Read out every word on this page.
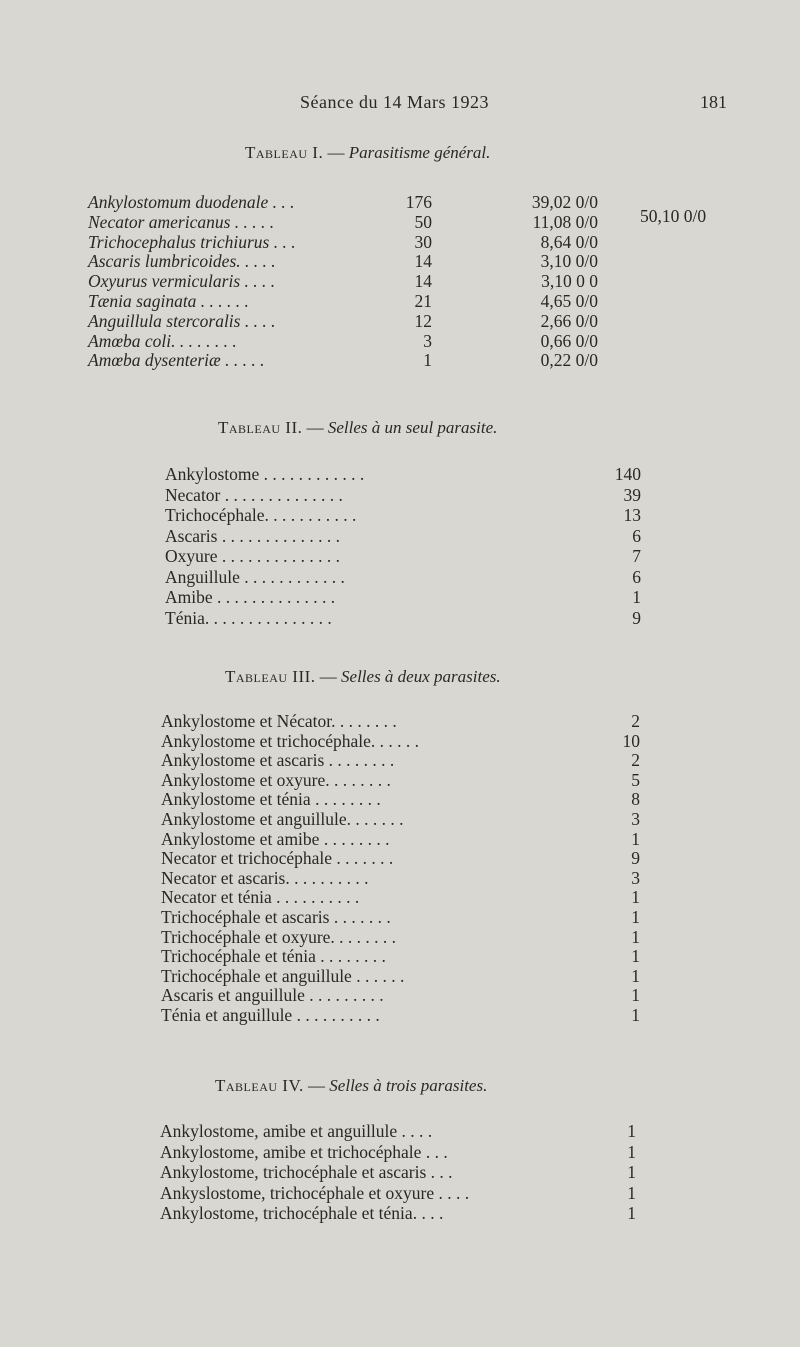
Séance du 14 Mars 1923	181
Tableau I. — Parasitisme général.
Ankylostomum duodenale . . .	176	39,02 0/0
Necator americanus . . . . .	50	11,08 0/0
Trichocephalus trichiurus . . .	30	8,64 0/0
Ascaris lumbricoides. . . . .	14	3,10 0/0
Oxyurus vermicularis . . . .	14	3,10 0 0
Tænia saginata . . . . . .	21	4,65 0/0
Anguillula stercoralis . . . .	12	2,66 0/0
Amœba coli. . . . . . . .	3	0,66 0/0
Amœba dysenteriæ . . . . .	1	0,22 0/0
50,10 0/0
Tableau II. — Selles à un seul parasite.
Ankylostome . . . . . . . . . . . .	140
Necator . . . . . . . . . . . . . .	39
Trichocéphale. . . . . . . . . . .	13
Ascaris . . . . . . . . . . . . . .	6
Oxyure . . . . . . . . . . . . . .	7
Anguillule . . . . . . . . . . . .	6
Amibe . . . . . . . . . . . . . .	1
Ténia. . . . . . . . . . . . . . .	9
Tableau III. — Selles à deux parasites.
Ankylostome et Nécator. . . . . . . .	2
Ankylostome et trichocéphale. . . . . .	10
Ankylostome et ascaris . . . . . . . .	2
Ankylostome et oxyure. . . . . . . .	5
Ankylostome et ténia . . . . . . . .	8
Ankylostome et anguillule. . . . . . .	3
Ankylostome et amibe . . . . . . . .	1
Necator et trichocéphale . . . . . . .	9
Necator et ascaris. . . . . . . . . .	3
Necator et ténia . . . . . . . . . .	1
Trichocéphale et ascaris . . . . . . .	1
Trichocéphale et oxyure. . . . . . . .	1
Trichocéphale et ténia . . . . . . . .	1
Trichocéphale et anguillule . . . . . .	1
Ascaris et anguillule . . . . . . . . .	1
Ténia et anguillule . . . . . . . . . .	1
Tableau IV. — Selles à trois parasites.
Ankylostome, amibe et anguillule . . . .	1
Ankylostome, amibe et trichocéphale . . .	1
Ankylostome, trichocéphale et ascaris . . .	1
Ankyslostome, trichocéphale et oxyure . . . .	1
Ankylostome, trichocéphale et ténia. . . .	1
